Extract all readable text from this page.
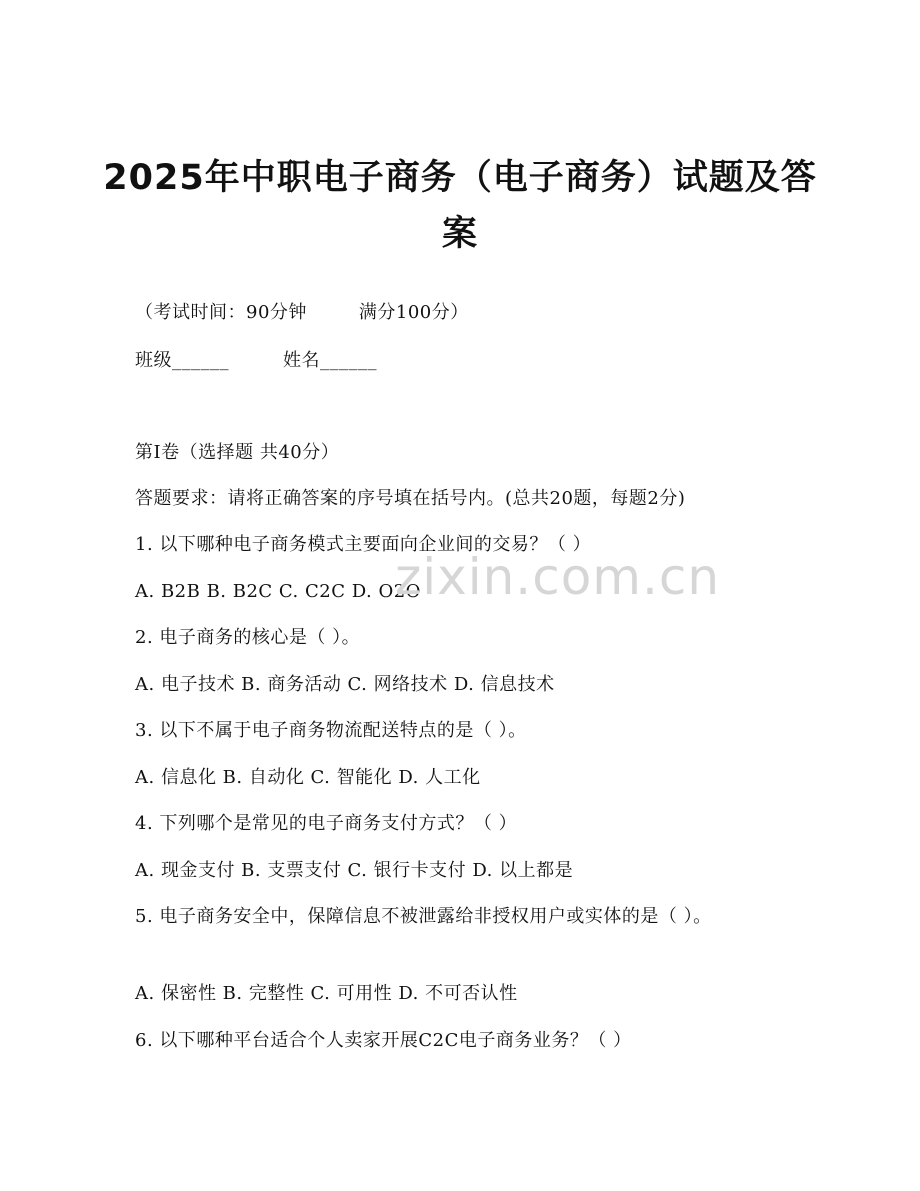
2025年中职电子商务（电子商务）试题及答案
（考试时间：90分钟	满分100分）
班级______	姓名______
第Ⅰ卷（选择题 共40分）
答题要求：请将正确答案的序号填在括号内。(总共20题，每题2分)
1. 以下哪种电子商务模式主要面向企业间的交易？（ ）
A. B2B B. B2C C. C2C D. O2O
2. 电子商务的核心是（ ）。
A. 电子技术 B. 商务活动 C. 网络技术 D. 信息技术
3. 以下不属于电子商务物流配送特点的是（ ）。
A. 信息化 B. 自动化 C. 智能化 D. 人工化
4. 下列哪个是常见的电子商务支付方式？（ ）
A. 现金支付 B. 支票支付 C. 银行卡支付 D. 以上都是
5. 电子商务安全中，保障信息不被泄露给非授权用户或实体的是（ ）。
A. 保密性 B. 完整性 C. 可用性 D. 不可否认性
6. 以下哪种平台适合个人卖家开展C2C电子商务业务？（ ）
zixin.com.cn
